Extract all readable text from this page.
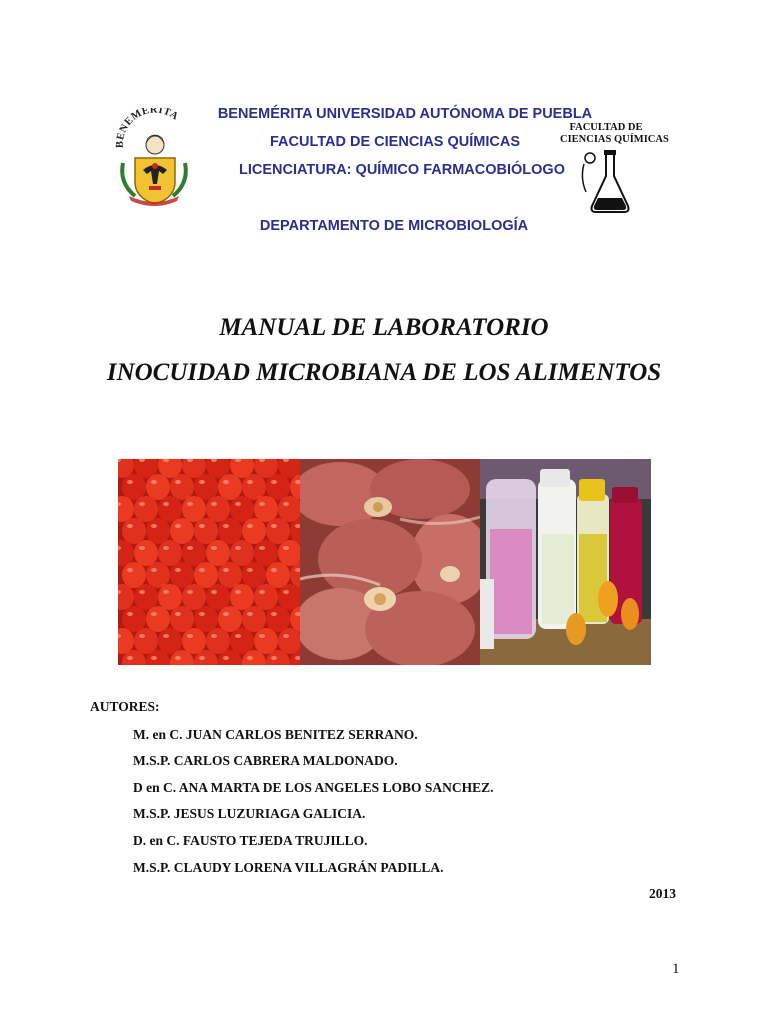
BENEMÉRITA	BENEMÉRITA UNIVERSIDAD AUTÓNOMA DE PUEBLA
FACULTAD DE CIENCIAS QUÍMICAS
LICENCIATURA: QUÍMICO FARMACOBIÓLOGO
DEPARTAMENTO DE MICROBIOLOGÍA
FACULTAD DE
CIENCIAS QUÍMICAS
MANUAL DE LABORATORIO
INOCUIDAD MICROBIANA DE LOS ALIMENTOS
AUTORES:
M. en C. JUAN CARLOS BENITEZ SERRANO.
M.S.P. CARLOS CABRERA MALDONADO.
D en C. ANA MARTA DE LOS ANGELES LOBO SANCHEZ.
M.S.P. JESUS LUZURIAGA GALICIA.
D. en C. FAUSTO TEJEDA TRUJILLO.
M.S.P. CLAUDY LORENA VILLAGRÁN PADILLA.
2013
1
